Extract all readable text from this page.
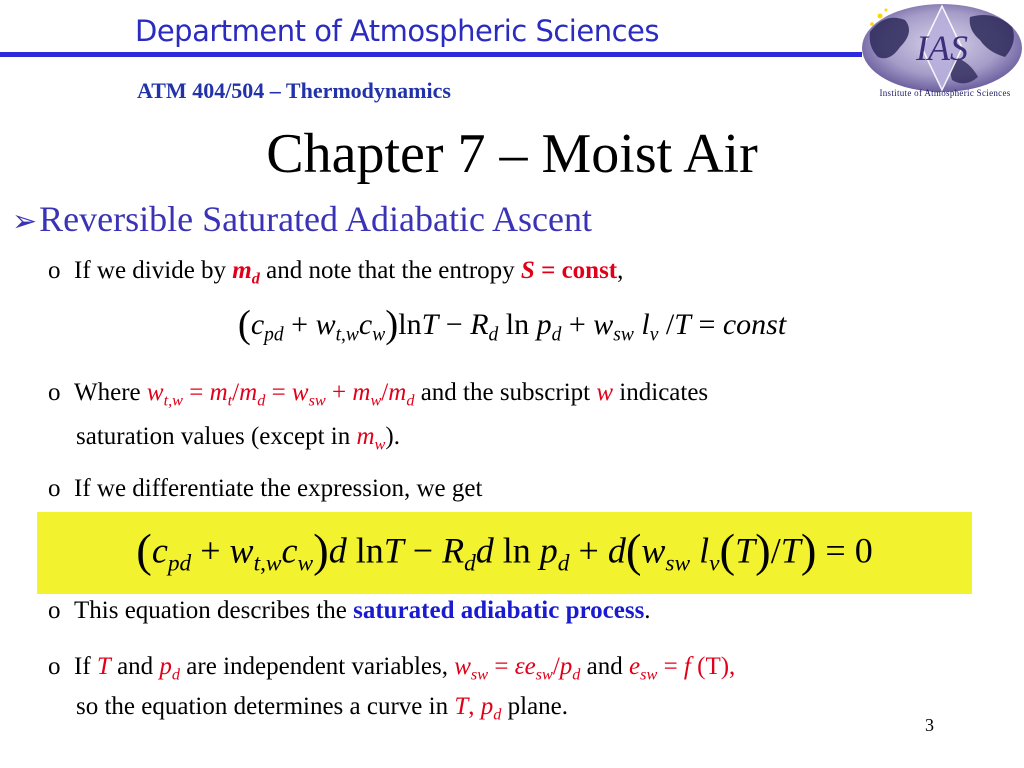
Department of Atmospheric Sciences
ATM 404/504 – Thermodynamics
IAS
Institute of Atmospheric Sciences
Chapter 7 – Moist Air
➢Reversible Saturated Adiabatic Ascent
o If we divide by $m_d$ and note that the entropy S = const,
$(c_{pd} + w_{t,w}c_w)\ln T - R_d$ $\ln p_d + w_{sw}$ $l_v$ /T = const
o Where $w_{t,w} = m_t/m_d = w_{sw} + m_w/m_d$ and the subscript w indicates
saturation values (except in $m_w$).
o If we differentiate the expression, we get
$(c_{pd} + w_{t,w}c_w)d$ $\ln T - R_dd$ $\ln p_d + d(w_{sw}$ $l_v(T)/T) = 0$
o This equation describes the saturated adiabatic process.
o If T and $p_d$ are independent variables, $w_{sw} = \varepsilon e_{sw}/p_d$ and $e_{sw} = f$ (T),
so the equation determines a curve in T, $p_d$ plane.
3
